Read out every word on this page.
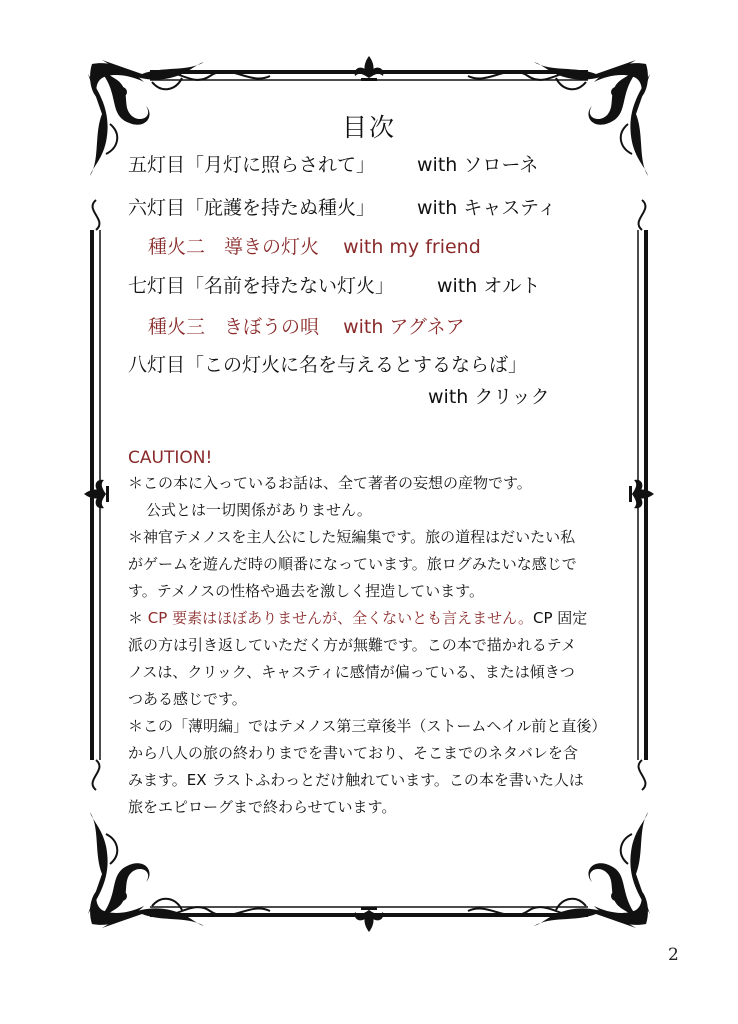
目次
五灯目「月灯に照らされて」 with ソローネ
六灯目「庇護を持たぬ種火」 with キャスティ
種火二　導きの灯火 with my friend
七灯目「名前を持たない灯火」 with オルト
種火三　きぼうの唄 with アグネア
八灯目「この灯火に名を与えるとするならば」
with クリック
CAUTION!

＊この本に入っているお話は、全て著者の妄想の産物です。

公式とは一切関係がありません。

＊神官テメノスを主人公にした短編集です。旅の道程はだいたい私

がゲームを遊んだ時の順番になっています。旅ログみたいな感じで

す。テメノスの性格や過去を激しく捏造しています。

＊ CP 要素はほぼありませんが、全くないとも言えません。CP 固定

派の方は引き返していただく方が無難です。この本で描かれるテメ

ノスは、クリック、キャスティに感情が偏っている、または傾きつ

つある感じです。

＊この「薄明編」ではテメノス第三章後半（ストームヘイル前と直後）

から八人の旅の終わりまでを書いており、そこまでのネタバレを含

みます。EX ラストふわっとだけ触れています。この本を書いた人は

旅をエピローグまで終わらせています。

2
